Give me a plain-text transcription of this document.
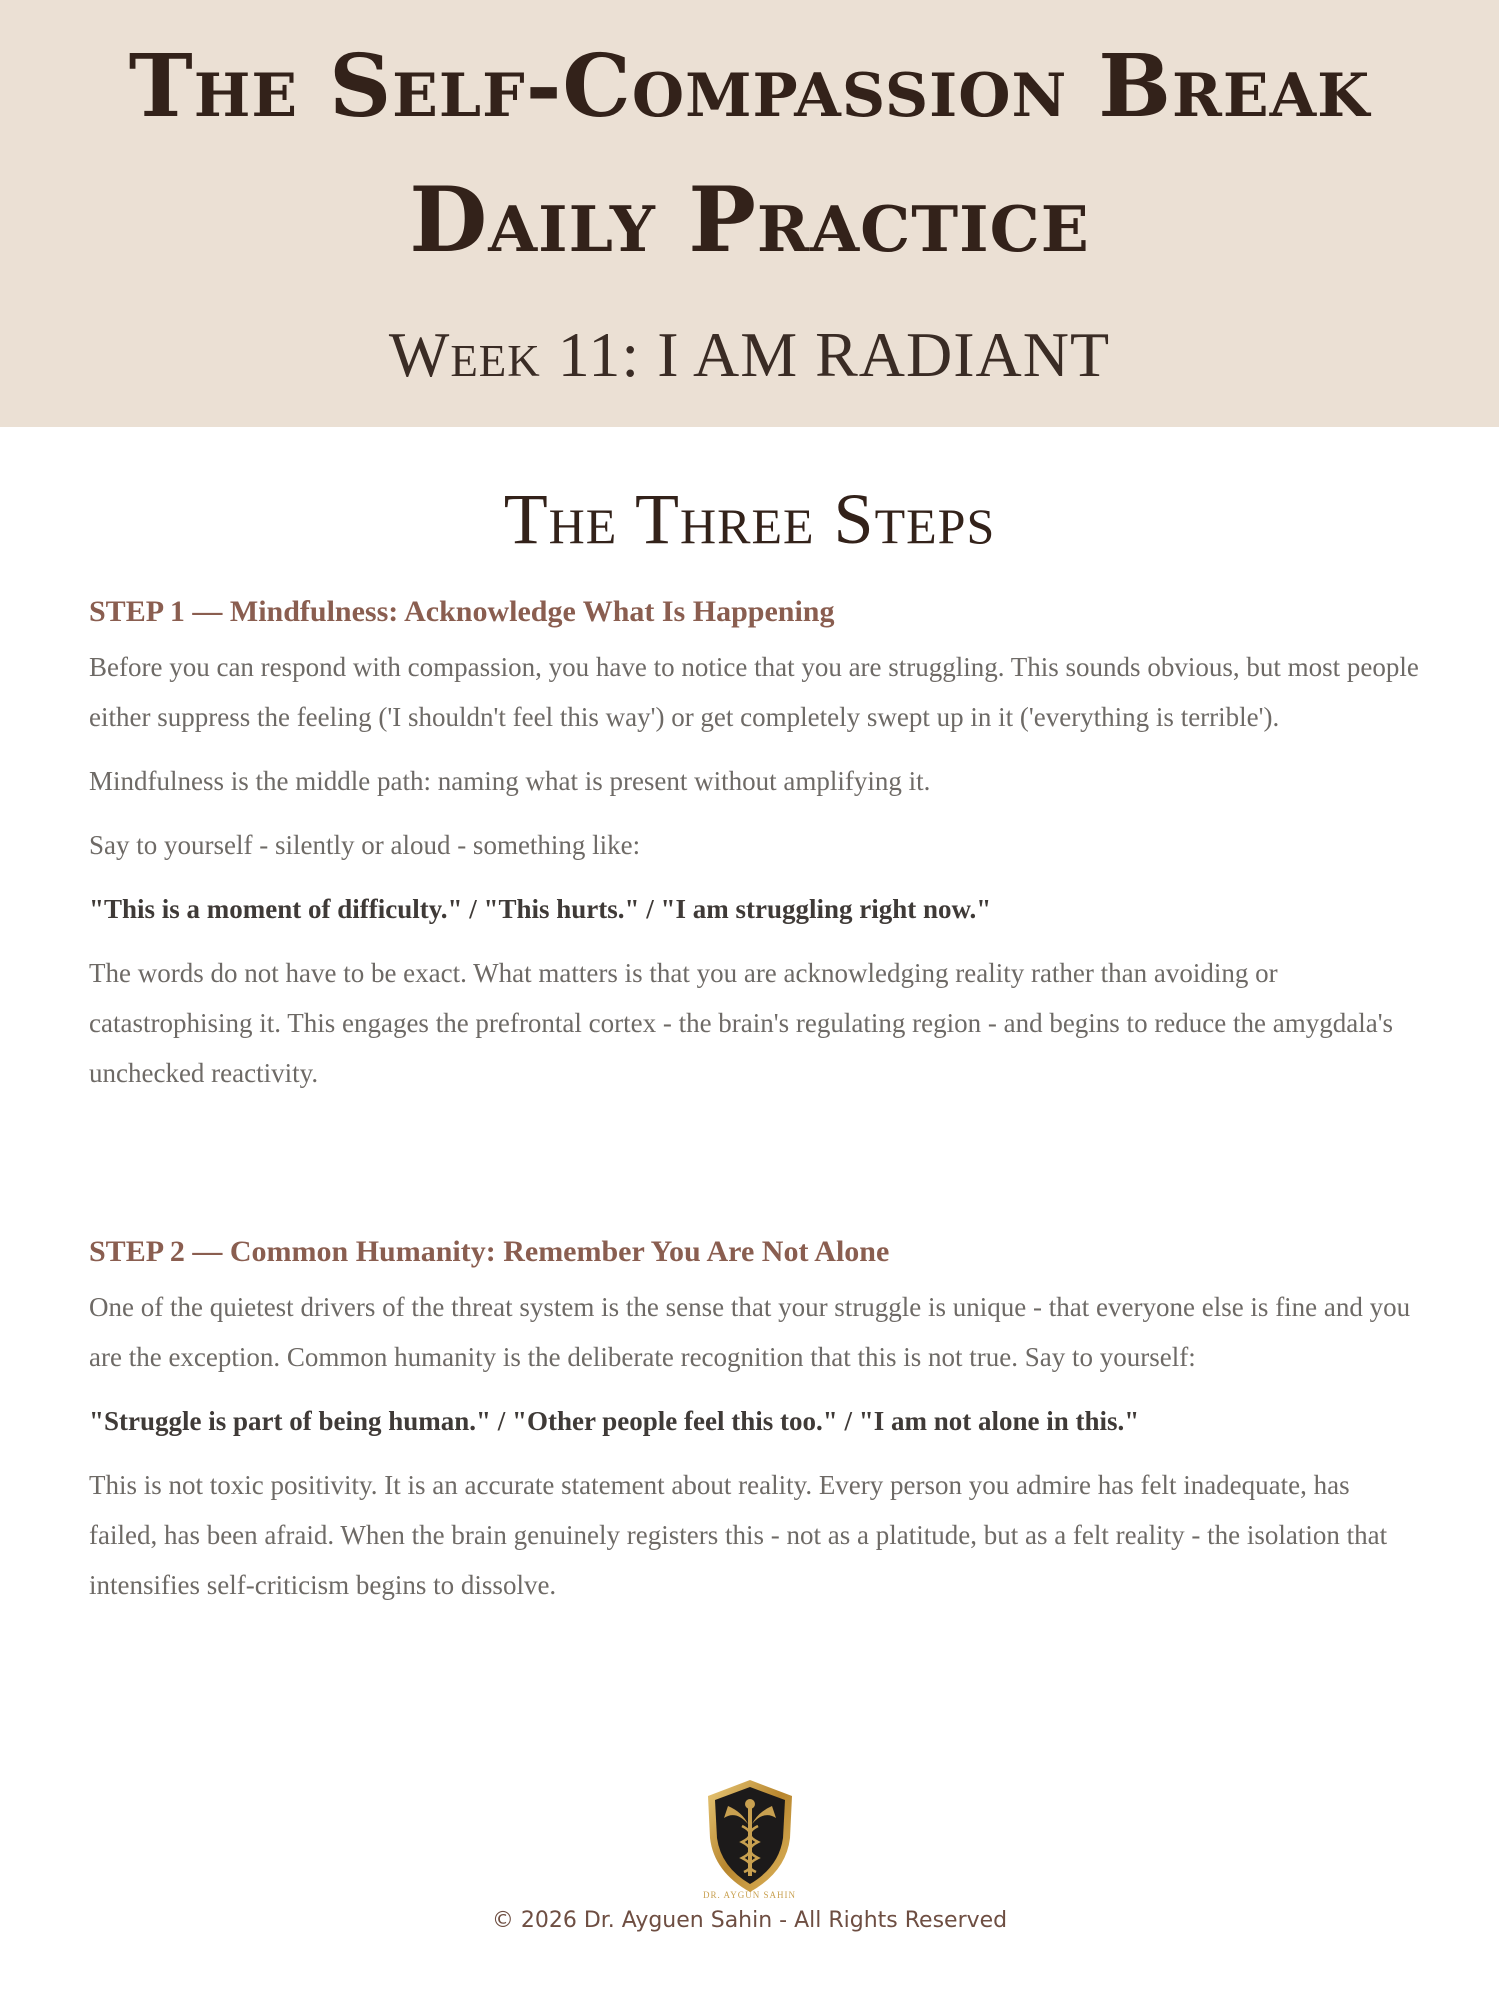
The Self-Compassion Break
Daily Practice
Week 11: I AM RADIANT
The Three Steps
STEP 1 — Mindfulness: Acknowledge What Is Happening

Before you can respond with compassion, you have to notice that you are struggling. This sounds obvious, but most people either suppress the feeling ('I shouldn't feel this way') or get completely swept up in it ('everything is terrible').

Mindfulness is the middle path: naming what is present without amplifying it.

Say to yourself - silently or aloud - something like:

"This is a moment of difficulty." / "This hurts." / "I am struggling right now."

The words do not have to be exact. What matters is that you are acknowledging reality rather than avoiding or catastrophising it. This engages the prefrontal cortex - the brain's regulating region - and begins to reduce the amygdala's unchecked reactivity.

STEP 2 — Common Humanity: Remember You Are Not Alone

One of the quietest drivers of the threat system is the sense that your struggle is unique - that everyone else is fine and you are the exception. Common humanity is the deliberate recognition that this is not true. Say to yourself:

"Struggle is part of being human." / "Other people feel this too." / "I am not alone in this."

This is not toxic positivity. It is an accurate statement about reality. Every person you admire has felt inadequate, has failed, has been afraid. When the brain genuinely registers this - not as a platitude, but as a felt reality - the isolation that intensifies self-criticism begins to dissolve.

DR. AYGUN SAHIN
© 2026 Dr. Ayguen Sahin - All Rights Reserved
